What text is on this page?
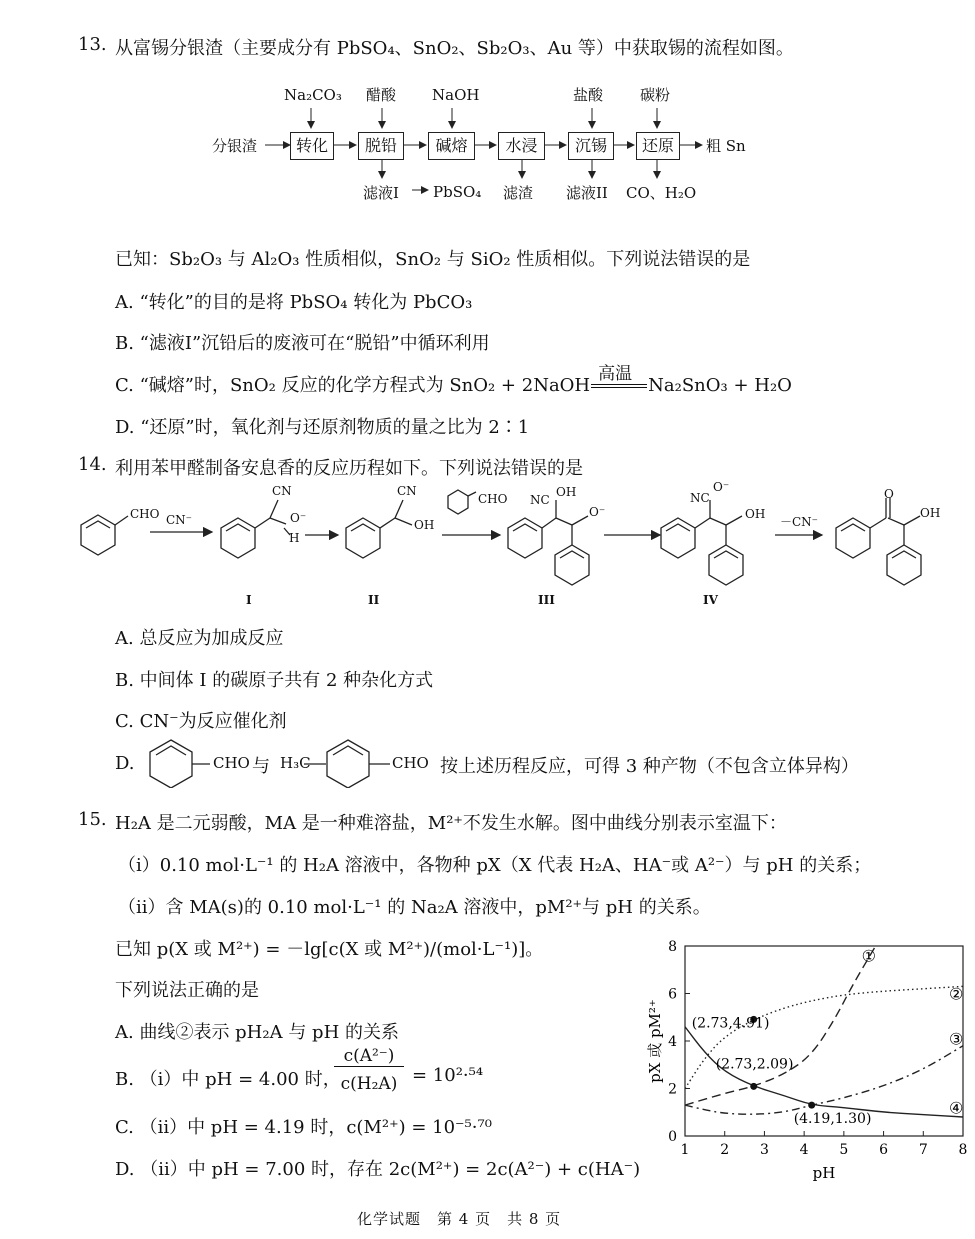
13. 从富锡分银渣（主要成分有 PbSO₄、SnO₂、Sb₂O₃、Au 等）中获取锡的流程如图。
分银渣	转化	脱铅	碱熔	水浸	沉锡	还原	粗 Sn
Na₂CO₃ 醋酸 NaOH	盐酸 碳粉
滤液I PbSO₄ 滤渣 滤液II CO、H₂O
已知：Sb₂O₃ 与 Al₂O₃ 性质相似，SnO₂ 与 SiO₂ 性质相似。下列说法错误的是
A. “转化”的目的是将 PbSO₄ 转化为 PbCO₃
B. “滤液I”沉铅后的废液可在“脱铅”中循环利用
C. “碱熔”时，SnO₂ 反应的化学方程式为 SnO₂ + 2NaOH
高温
Na₂SnO₃ + H₂O
D. “还原”时，氧化剂与还原剂物质的量之比为 2∶1
14. 利用苯甲醛制备安息香的反应历程如下。下列说法错误的是
CHO CN⁻
CN
O⁻
H
CN
OH
CHO NC
OH
O⁻
NC
O⁻
OH
－CN⁻
O
OH
I	II	III	IV
A. 总反应为加成反应
B. 中间体 I 的碳原子共有 2 种杂化方式
C. CN⁻为反应催化剂
D.	CHO 与 H₃C	CHO 按上述历程反应，可得 3 种产物（不包含立体异构）
15. H₂A 是二元弱酸，MA 是一种难溶盐，M²⁺不发生水解。图中曲线分别表示室温下：
（ⅰ）0.10 mol·L⁻¹ 的 H₂A 溶液中，各物种 pX（X 代表 H₂A、HA⁻或 A²⁻）与 pH 的关系；
（ⅱ）含 MA(s)的 0.10 mol·L⁻¹ 的 Na₂A 溶液中，pM²⁺与 pH 的关系。
已知 p(X 或 M²⁺) = －lg[c(X 或 M²⁺)/(mol·L⁻¹)]。
下列说法正确的是
A. 曲线②表示 pH₂A 与 pH 的关系
B. （ⅰ）中 pH = 4.00 时，
c(A²⁻)
c(H₂A) = 10²·⁵⁴
C. （ⅱ）中 pH = 4.19 时，c(M²⁺) = 10⁻⁵·⁷⁰
D. （ⅱ）中 pH = 7.00 时，存在 2c(M²⁺) = 2c(A²⁻) + c(HA⁻)
1 2 3 4 5 6 7 8
0
2
4
6
8
pH
pX 或 pM²⁺
①
②
③
④
(2.73,4.91)
(2.73,2.09)
(4.19,1.30)
化学试题　第 4 页　共 8 页
